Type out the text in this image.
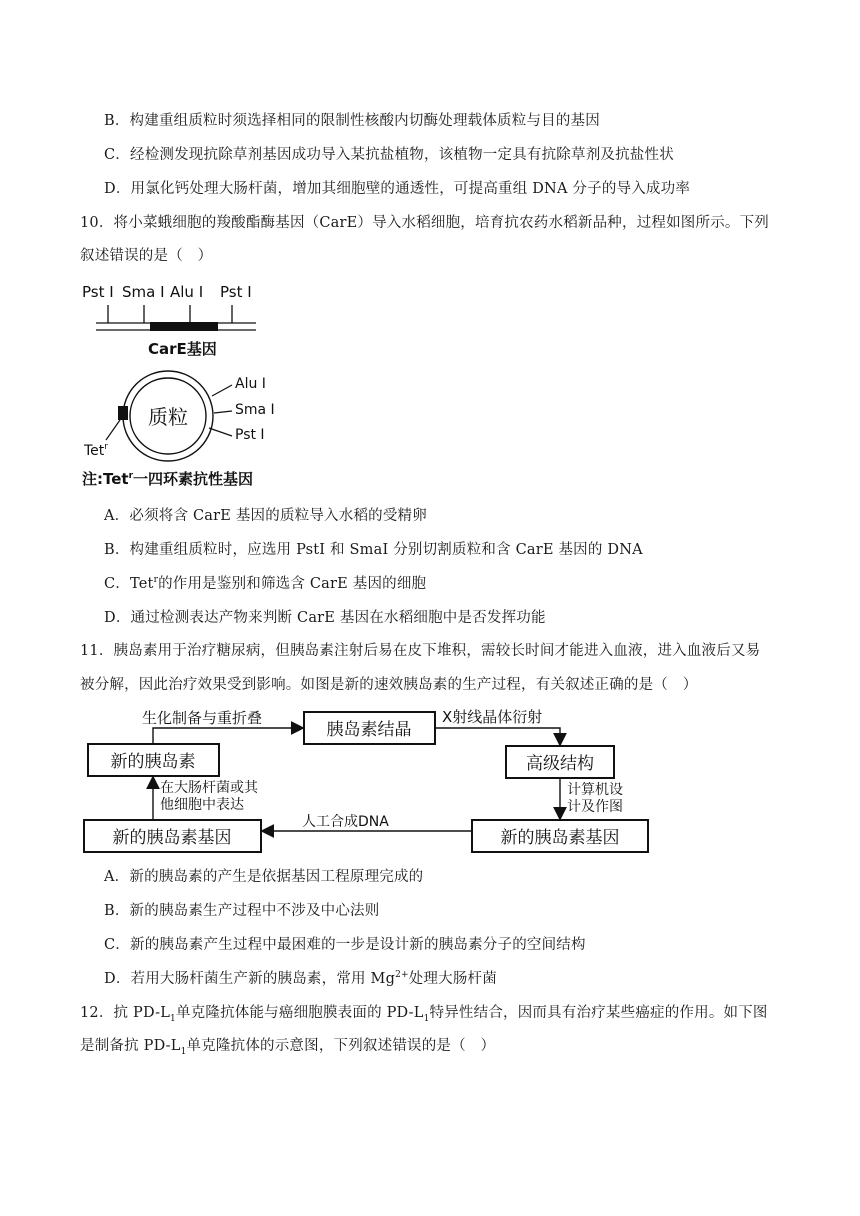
B．构建重组质粒时须选择相同的限制性核酸内切酶处理载体质粒与目的基因
C．经检测发现抗除草剂基因成功导入某抗盐植物，该植物一定具有抗除草剂及抗盐性状
D．用氯化钙处理大肠杆菌，增加其细胞壁的通透性，可提高重组 DNA 分子的导入成功率
10．将小菜蛾细胞的羧酸酯酶基因（CarE）导入水稻细胞，培育抗农药水稻新品种，过程如图所示。下列
叙述错误的是（　）
Pst I Sma I Alu I Pst I
CarE基因
质粒
Alu I
Sma I
Pst I
Tet$^r$
注:Tet$^r$一四环素抗性基因
A．必须将含 CarE 基因的质粒导入水稻的受精卵
B．构建重组质粒时，应选用 PstI 和 SmaI 分别切割质粒和含 CarE 基因的 DNA
C．Tet$^r$的作用是鉴别和筛选含 CarE 基因的细胞
D．通过检测表达产物来判断 CarE 基因在水稻细胞中是否发挥功能
11．胰岛素用于治疗糖尿病，但胰岛素注射后易在皮下堆积，需较长时间才能进入血液，进入血液后又易
被分解，因此治疗效果受到影响。如图是新的速效胰岛素的生产过程，有关叙述正确的是（　）
新的胰岛素
胰岛素结晶
高级结构
新的胰岛素基因	新的胰岛素基因
生化制备与重折叠	X射线晶体衍射
计算机设
计及作图
人工合成DNA
在大肠杆菌或其
他细胞中表达
A．新的胰岛素的产生是依据基因工程原理完成的
B．新的胰岛素生产过程中不涉及中心法则
C．新的胰岛素产生过程中最困难的一步是设计新的胰岛素分子的空间结构
D．若用大肠杆菌生产新的胰岛素，常用 $Mg^{2+}$处理大肠杆菌
12．抗 $PD-L_1$单克隆抗体能与癌细胞膜表面的 $PD-L_1$特异性结合，因而具有治疗某些癌症的作用。如下图
是制备抗 $PD-L_1$单克隆抗体的示意图，下列叙述错误的是（　）
